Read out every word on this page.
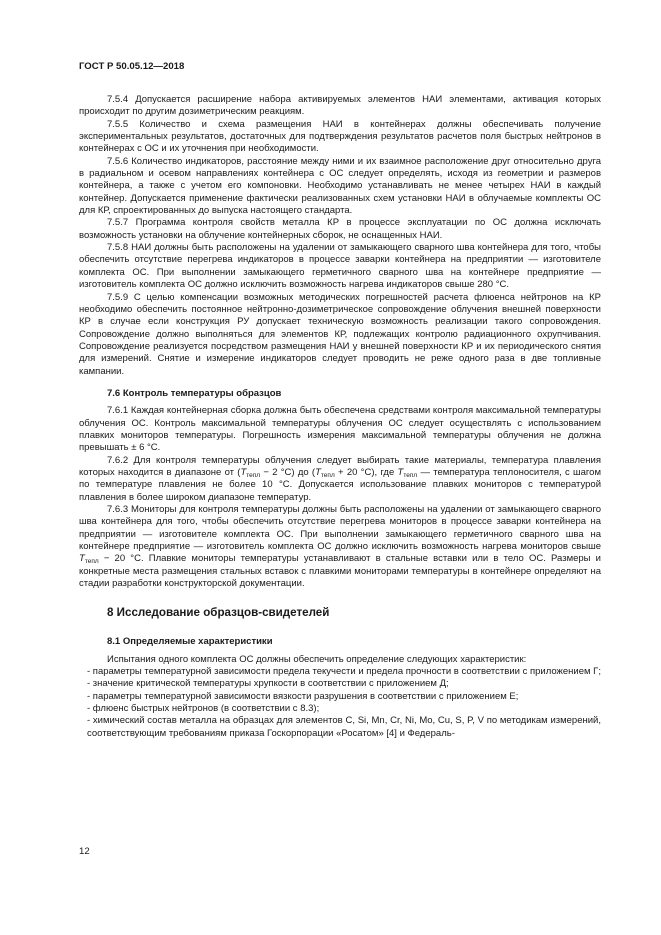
ГОСТ Р 50.05.12—2018

7.5.4 Допускается расширение набора активируемых элементов НАИ элементами, активация которых происходит по другим дозиметрическим реакциям.

7.5.5 Количество и схема размещения НАИ в контейнерах должны обеспечивать получение экспериментальных результатов, достаточных для подтверждения результатов расчетов поля быстрых нейтронов в контейнерах с ОС и их уточнения при необходимости.

7.5.6 Количество индикаторов, расстояние между ними и их взаимное расположение друг относительно друга в радиальном и осевом направлениях контейнера с ОС следует определять, исходя из геометрии и размеров контейнера, а также с учетом его компоновки. Необходимо устанавливать не менее четырех НАИ в каждый контейнер. Допускается применение фактически реализованных схем установки НАИ в облучаемые комплекты ОС для КР, спроектированных до выпуска настоящего стандарта.

7.5.7 Программа контроля свойств металла КР в процессе эксплуатации по ОС должна исключать возможность установки на облучение контейнерных сборок, не оснащенных НАИ.

7.5.8 НАИ должны быть расположены на удалении от замыкающего сварного шва контейнера для того, чтобы обеспечить отсутствие перегрева индикаторов в процессе заварки контейнера на предприятии — изготовителе комплекта ОС. При выполнении замыкающего герметичного сварного шва на контейнере предприятие — изготовитель комплекта ОС должно исключить возможность нагрева индикаторов свыше 280 °С.

7.5.9 С целью компенсации возможных методических погрешностей расчета флюенса нейтронов на КР необходимо обеспечить постоянное нейтронно-дозиметрическое сопровождение облучения внешней поверхности КР в случае если конструкция РУ допускает техническую возможность реализации такого сопровождения. Сопровождение должно выполняться для элементов КР, подлежащих контролю радиационного охрупчивания. Сопровождение реализуется посредством размещения НАИ у внешней поверхности КР и их периодического снятия для измерений. Снятие и измерение индикаторов следует проводить не реже одного раза в две топливные кампании.

7.6 Контроль температуры образцов

7.6.1 Каждая контейнерная сборка должна быть обеспечена средствами контроля максимальной температуры облучения ОС. Контроль максимальной температуры облучения ОС следует осуществлять с использованием плавких мониторов температуры. Погрешность измерения максимальной температуры облучения не должна превышать ± 6 °С.

7.6.2 Для контроля температуры облучения следует выбирать такие материалы, температура плавления которых находится в диапазоне от ($T_{тепл} - 2$ °С) до ($T_{тепл} + 20$ °С), где $T_{тепл}$ — температура теплоносителя, с шагом по температуре плавления не более 10 °С. Допускается использование плавких мониторов с температурой плавления в более широком диапазоне температур.

7.6.3 Мониторы для контроля температуры должны быть расположены на удалении от замыкающего сварного шва контейнера для того, чтобы обеспечить отсутствие перегрева мониторов в процессе заварки контейнера на предприятии — изготовителе комплекта ОС. При выполнении замыкающего герметичного сварного шва на контейнере предприятие — изготовитель комплекта ОС должно исключить возможность нагрева мониторов свыше $T_{тепл} - 20$ °С. Плавкие мониторы температуры устанавливают в стальные вставки или в тело ОС. Размеры и конкретные места размещения стальных вставок с плавкими мониторами температуры в контейнере определяют на стадии разработки конструкторской документации.

8 Исследование образцов-свидетелей

8.1 Определяемые характеристики

Испытания одного комплекта ОС должны обеспечить определение следующих характеристик:

- параметры температурной зависимости предела текучести и предела прочности в соответствии с приложением Г;

- значение критической температуры хрупкости в соответствии с приложением Д;

- параметры температурной зависимости вязкости разрушения в соответствии с приложением Е;

- флюенс быстрых нейтронов (в соответствии с 8.3);

- химический состав металла на образцах для элементов С, Si, Mn, Cr, Ni, Mo, Cu, S, P, V по методикам измерений, соответствующим требованиям приказа Госкорпорации «Росатом» [4] и Федераль-

12
